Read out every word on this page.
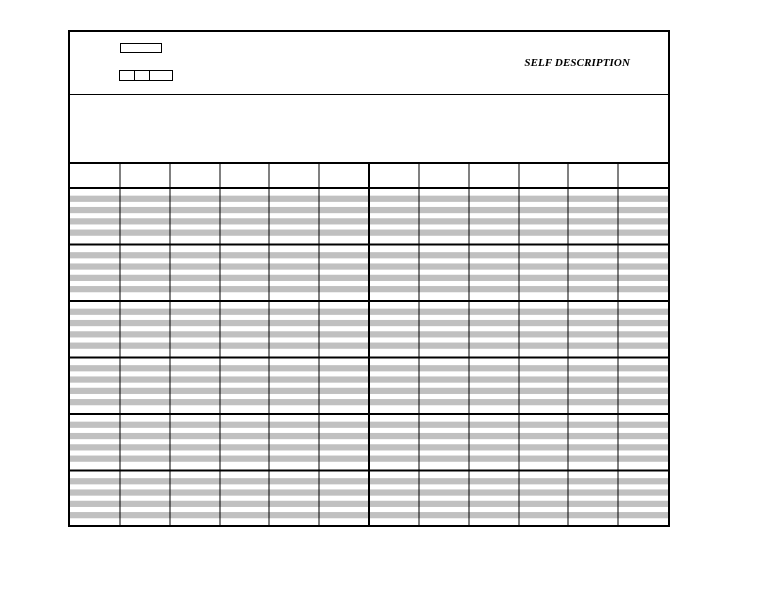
SELF DESCRIPTION
